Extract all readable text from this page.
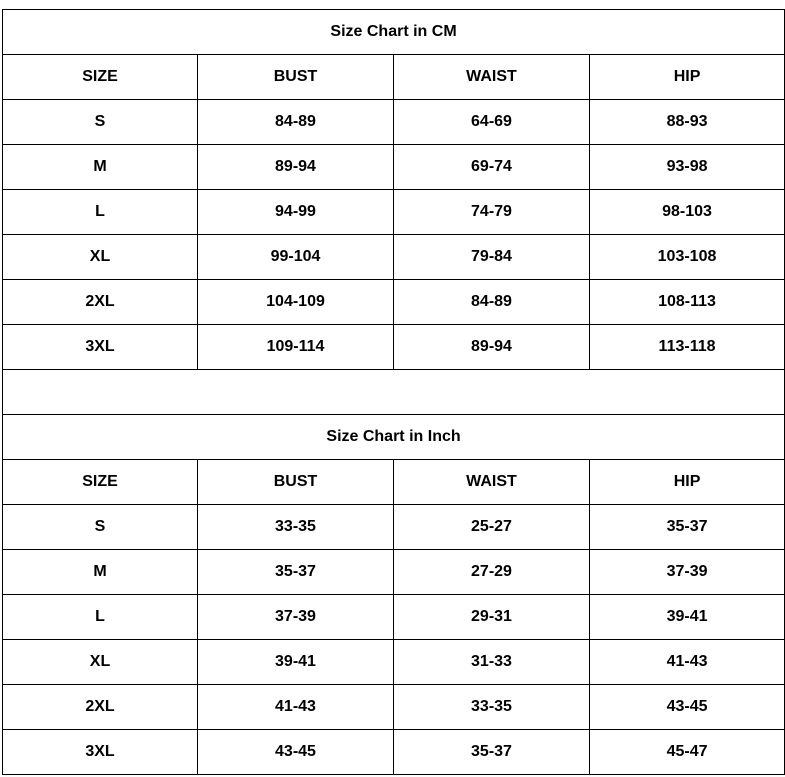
Size Chart in CM			
SIZE	BUST	WAIST	HIP
S	84-89	64-69	88-93
M	89-94	69-74	93-98
L	94-99	74-79	98-103
XL	99-104	79-84	103-108
2XL	104-109	84-89	108-113
3XL	109-114	89-94	113-118

Size Chart in Inch			
SIZE	BUST	WAIST	HIP
S	33-35	25-27	35-37
M	35-37	27-29	37-39
L	37-39	29-31	39-41
XL	39-41	31-33	41-43
2XL	41-43	33-35	43-45
3XL	43-45	35-37	45-47
